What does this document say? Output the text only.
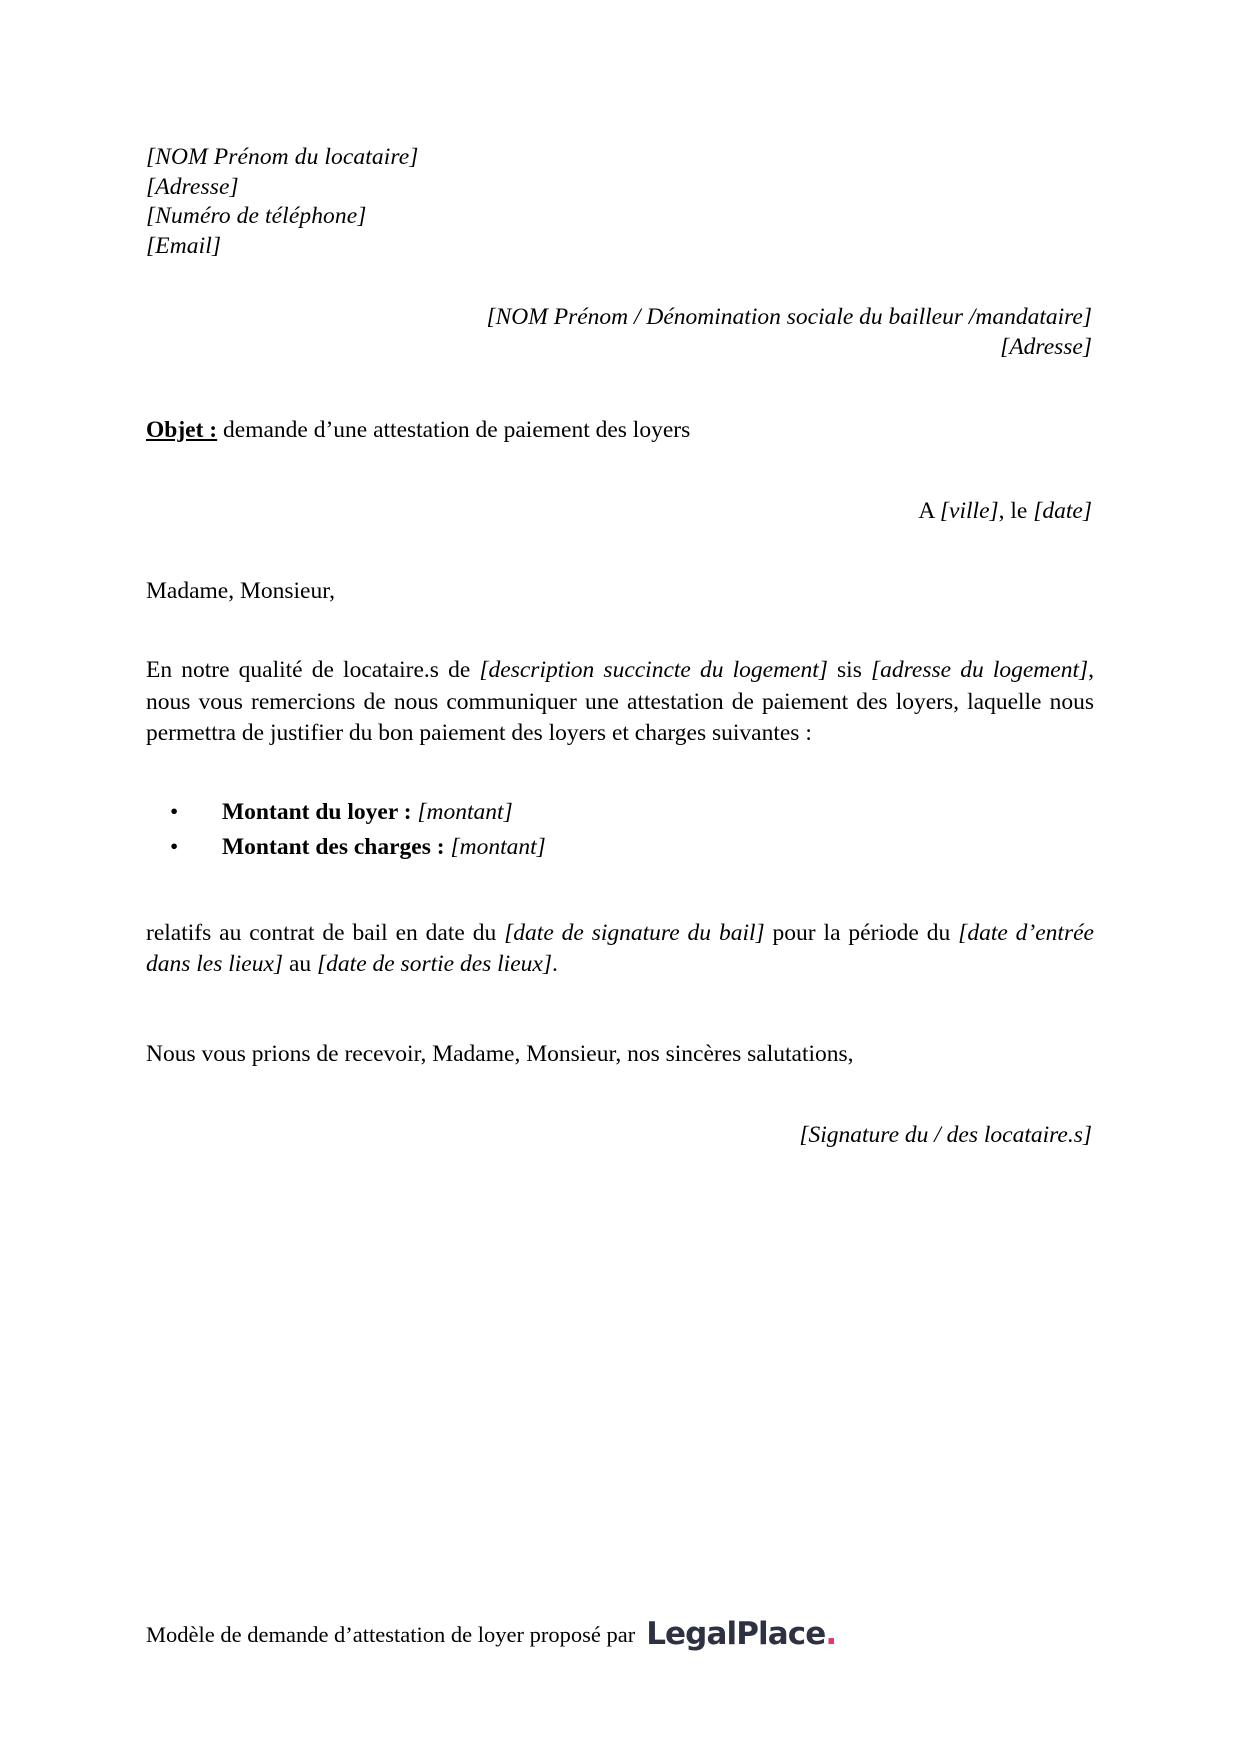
[NOM Prénom du locataire]
[Adresse]
[Numéro de téléphone]
[Email]
[NOM Prénom / Dénomination sociale du bailleur /mandataire]
[Adresse]
Objet : demande d’une attestation de paiement des loyers
A [ville], le [date]
Madame, Monsieur,
En notre qualité de locataire.s de [description succincte du logement] sis [adresse du logement], nous vous remercions de nous communiquer une attestation de paiement des loyers, laquelle nous permettra de justifier du bon paiement des loyers et charges suivantes :
• Montant du loyer : [montant]
• Montant des charges : [montant]
relatifs au contrat de bail en date du [date de signature du bail] pour la période du [date d’entrée dans les lieux] au [date de sortie des lieux].
Nous vous prions de recevoir, Madame, Monsieur, nos sincères salutations,
[Signature du / des locataire.s]
Modèle de demande d’attestation de loyer proposé par LegalPlace.
